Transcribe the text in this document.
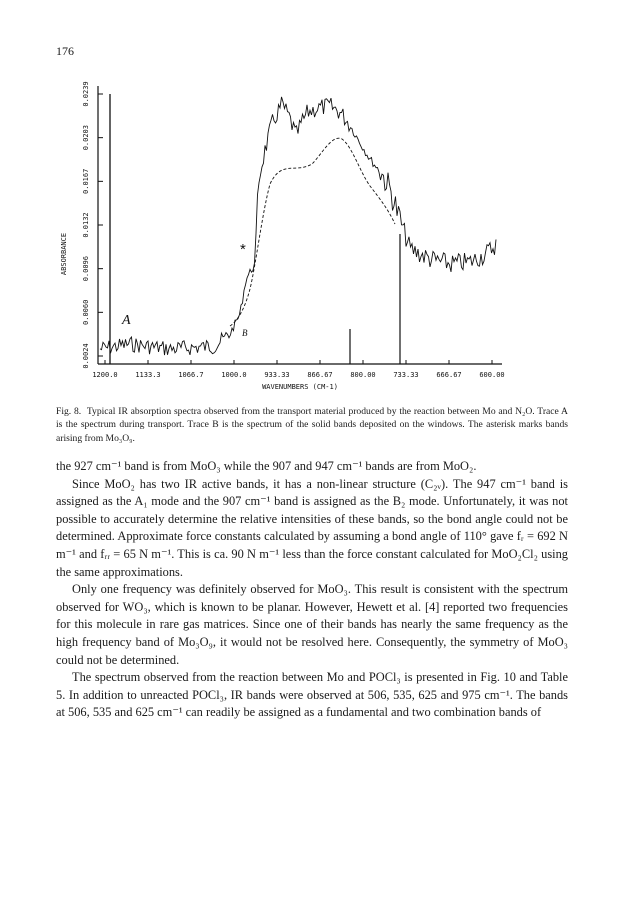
176
0.0024
0.0060
0.0096
0.0132
0.0167
0.0203
0.0239
1200.0	1133.3	1066.7	1000.0	933.33	866.67	800.00	733.33	666.67	600.00
ABSORBANCE
WAVENUMBERS (CM-1)
A
B
*
Fig. 8. Typical IR absorption spectra observed from the transport material produced by the reaction between Mo and N₂O. Trace A is the spectrum during transport. Trace B is the spectrum of the solid bands deposited on the windows. The asterisk marks bands arising from Mo₃O₉.

the 927 cm⁻¹ band is from MoO₃ while the 907 and 947 cm⁻¹ bands are from MoO₂.

Since MoO₂ has two IR active bands, it has a non-linear structure (C₂ᵥ). The 947 cm⁻¹ band is assigned as the A₁ mode and the 907 cm⁻¹ band is assigned as the B₂ mode. Unfortunately, it was not possible to accurately determine the relative intensities of these bands, so the bond angle could not be determined. Approximate force constants calculated by assuming a bond angle of 110° gave fᵣ = 692 N m⁻¹ and fᵣᵣ = 65 N m⁻¹. This is ca. 90 N m⁻¹ less than the force constant calculated for MoO₂Cl₂ using the same approximations.

Only one frequency was definitely observed for MoO₃. This result is consistent with the spectrum observed for WO₃, which is known to be planar. However, Hewett et al. [4] reported two frequencies for this molecule in rare gas matrices. Since one of their bands has nearly the same frequency as the high frequency band of Mo₃O₉, it would not be resolved here. Consequently, the symmetry of MoO₃ could not be determined.

The spectrum observed from the reaction between Mo and POCl₃ is presented in Fig. 10 and Table 5. In addition to unreacted POCl₃, IR bands were observed at 506, 535, 625 and 975 cm⁻¹. The bands at 506, 535 and 625 cm⁻¹ can readily be assigned as a fundamental and two combination bands of
